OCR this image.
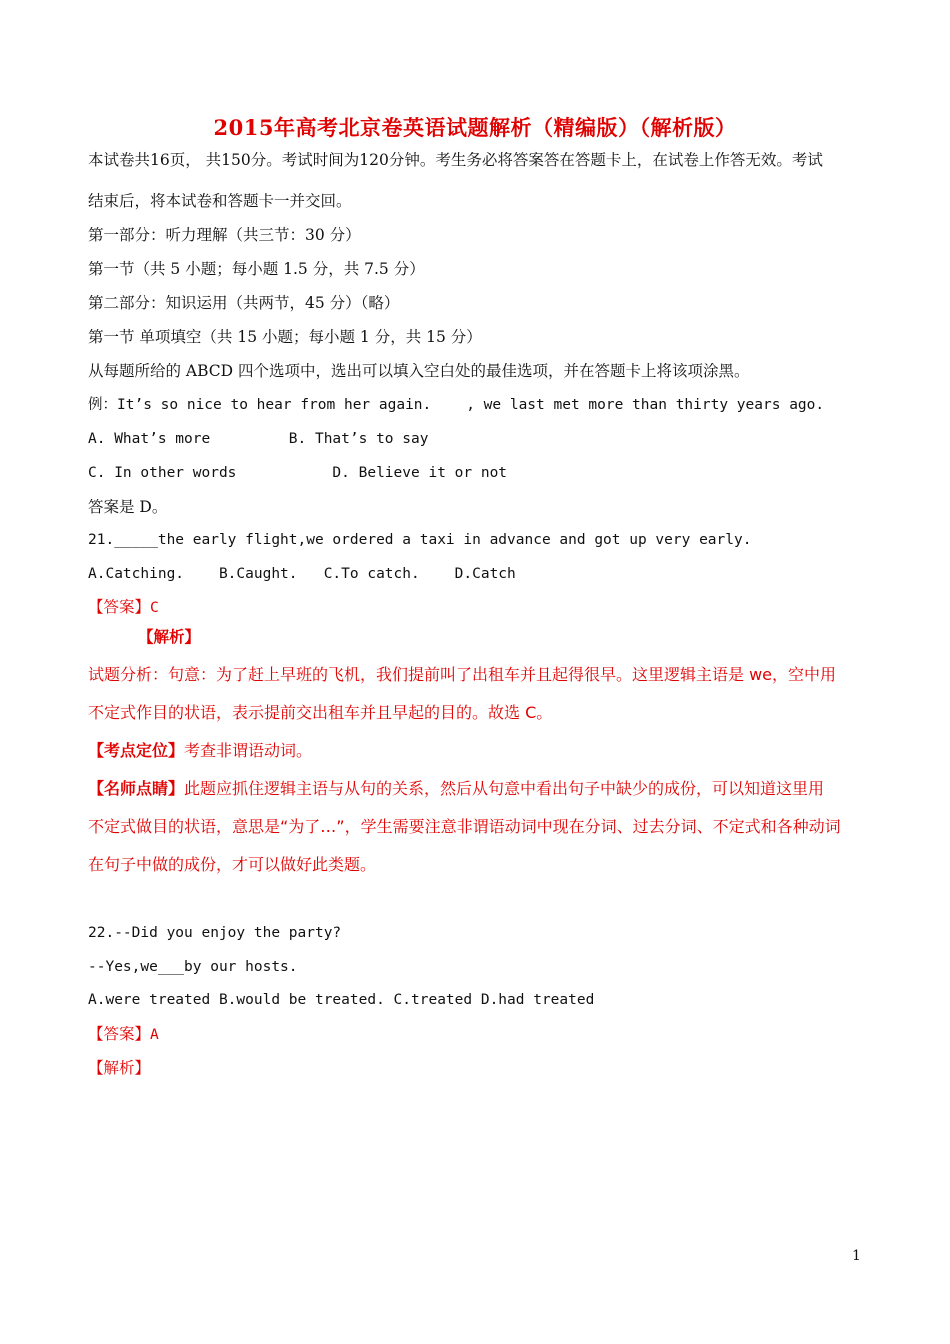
2015年高考北京卷英语试题解析（精编版）（解析版）
本试卷共16页， 共150分。考试时间为120分钟。考生务必将答案答在答题卡上，在试卷上作答无效。考试
结束后，将本试卷和答题卡一并交回。
第一部分：听力理解（共三节：30 分）
第一节（共 5 小题；每小题 1.5 分，共 7.5 分）
第二部分：知识运用（共两节，45 分）（略）
第一节 单项填空（共 15 小题；每小题 1 分，共 15 分）
从每题所给的 ABCD 四个选项中，选出可以填入空白处的最佳选项，并在答题卡上将该项涂黑。
例：It’s so nice to hear from her again.    , we last met more than thirty years ago.
A. What’s more         B. That’s to say
C. In other words           D. Believe it or not
答案是 D。
21._____the early flight,we ordered a taxi in advance and got up very early.
A.Catching.    B.Caught.   C.To catch.    D.Catch
【答案】C
【解析】
试题分析：句意：为了赶上早班的飞机，我们提前叫了出租车并且起得很早。这里逻辑主语是 we，空中用
不定式作目的状语，表示提前交出租车并且早起的目的。故选 C。
【考点定位】考查非谓语动词。
【名师点睛】此题应抓住逻辑主语与从句的关系，然后从句意中看出句子中缺少的成份，可以知道这里用
不定式做目的状语，意思是“为了…”，学生需要注意非谓语动词中现在分词、过去分词、不定式和各种动词
在句子中做的成份，才可以做好此类题。
22.--Did you enjoy the party?
--Yes,we___by our hosts.
A.were treated B.would be treated. C.treated D.had treated
【答案】A
【解析】
1
